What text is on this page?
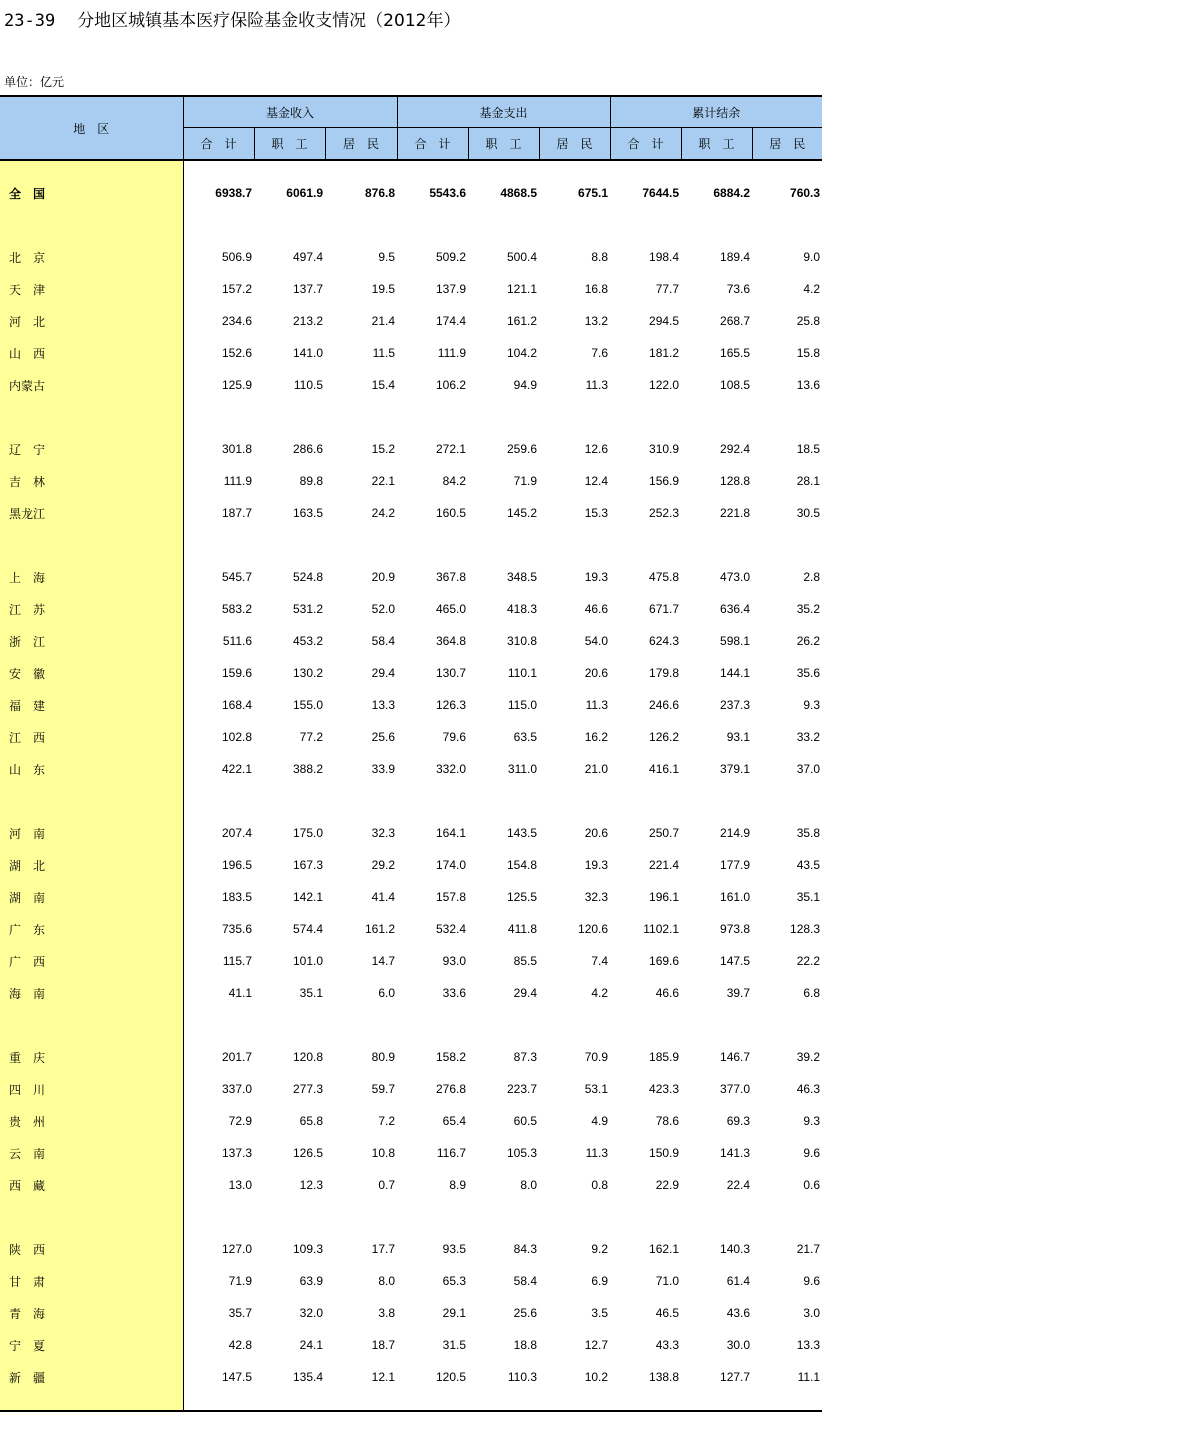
23-39 分地区城镇基本医疗保险基金收支情况（2012年）
单位：亿元
地　区	基金收入			基金支出			累计结余		
	合　计	职　工	居　民	合　计	职　工	居　民	合　计	职　工	居　民

全　国	6938.7	6061.9	876.8	5543.6	4868.5	675.1	7644.5	6884.2	760.3

北　京	506.9	497.4	9.5	509.2	500.4	8.8	198.4	189.4	9.0
天　津	157.2	137.7	19.5	137.9	121.1	16.8	77.7	73.6	4.2
河　北	234.6	213.2	21.4	174.4	161.2	13.2	294.5	268.7	25.8
山　西	152.6	141.0	11.5	111.9	104.2	7.6	181.2	165.5	15.8
内蒙古	125.9	110.5	15.4	106.2	94.9	11.3	122.0	108.5	13.6

辽　宁	301.8	286.6	15.2	272.1	259.6	12.6	310.9	292.4	18.5
吉　林	111.9	89.8	22.1	84.2	71.9	12.4	156.9	128.8	28.1
黑龙江	187.7	163.5	24.2	160.5	145.2	15.3	252.3	221.8	30.5

上　海	545.7	524.8	20.9	367.8	348.5	19.3	475.8	473.0	2.8
江　苏	583.2	531.2	52.0	465.0	418.3	46.6	671.7	636.4	35.2
浙　江	511.6	453.2	58.4	364.8	310.8	54.0	624.3	598.1	26.2
安　徽	159.6	130.2	29.4	130.7	110.1	20.6	179.8	144.1	35.6
福　建	168.4	155.0	13.3	126.3	115.0	11.3	246.6	237.3	9.3
江　西	102.8	77.2	25.6	79.6	63.5	16.2	126.2	93.1	33.2
山　东	422.1	388.2	33.9	332.0	311.0	21.0	416.1	379.1	37.0

河　南	207.4	175.0	32.3	164.1	143.5	20.6	250.7	214.9	35.8
湖　北	196.5	167.3	29.2	174.0	154.8	19.3	221.4	177.9	43.5
湖　南	183.5	142.1	41.4	157.8	125.5	32.3	196.1	161.0	35.1
广　东	735.6	574.4	161.2	532.4	411.8	120.6	1102.1	973.8	128.3
广　西	115.7	101.0	14.7	93.0	85.5	7.4	169.6	147.5	22.2
海　南	41.1	35.1	6.0	33.6	29.4	4.2	46.6	39.7	6.8

重　庆	201.7	120.8	80.9	158.2	87.3	70.9	185.9	146.7	39.2
四　川	337.0	277.3	59.7	276.8	223.7	53.1	423.3	377.0	46.3
贵　州	72.9	65.8	7.2	65.4	60.5	4.9	78.6	69.3	9.3
云　南	137.3	126.5	10.8	116.7	105.3	11.3	150.9	141.3	9.6
西　藏	13.0	12.3	0.7	8.9	8.0	0.8	22.9	22.4	0.6

陕　西	127.0	109.3	17.7	93.5	84.3	9.2	162.1	140.3	21.7
甘　肃	71.9	63.9	8.0	65.3	58.4	6.9	71.0	61.4	9.6
青　海	35.7	32.0	3.8	29.1	25.6	3.5	46.5	43.6	3.0
宁　夏	42.8	24.1	18.7	31.5	18.8	12.7	43.3	30.0	13.3
新　疆	147.5	135.4	12.1	120.5	110.3	10.2	138.8	127.7	11.1
